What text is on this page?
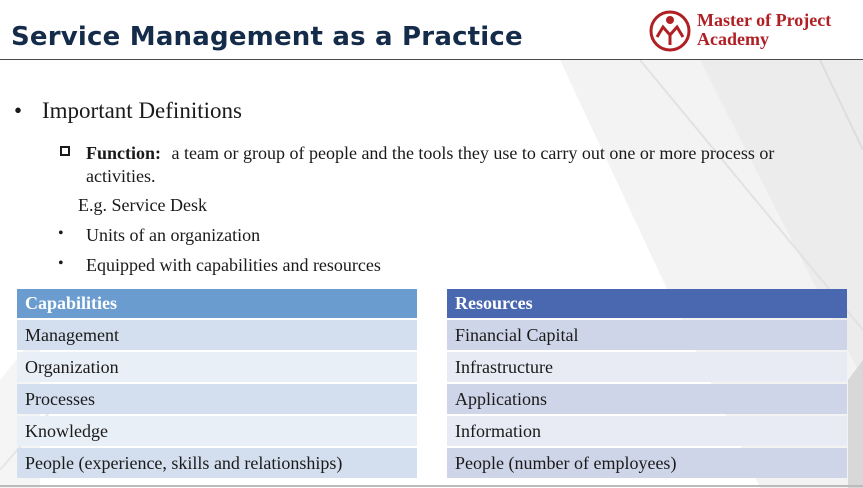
Service Management as a Practice
Master of Project
Academy
• Important Definitions
Function: a team or group of people and the tools they use to carry out one or more process or activities.
E.g. Service Desk
• Units of an organization
• Equipped with capabilities and resources
Capabilities
Management
Organization
Processes
Knowledge
People (experience, skills and relationships)
Resources
Financial Capital
Infrastructure
Applications
Information
People (number of employees)
